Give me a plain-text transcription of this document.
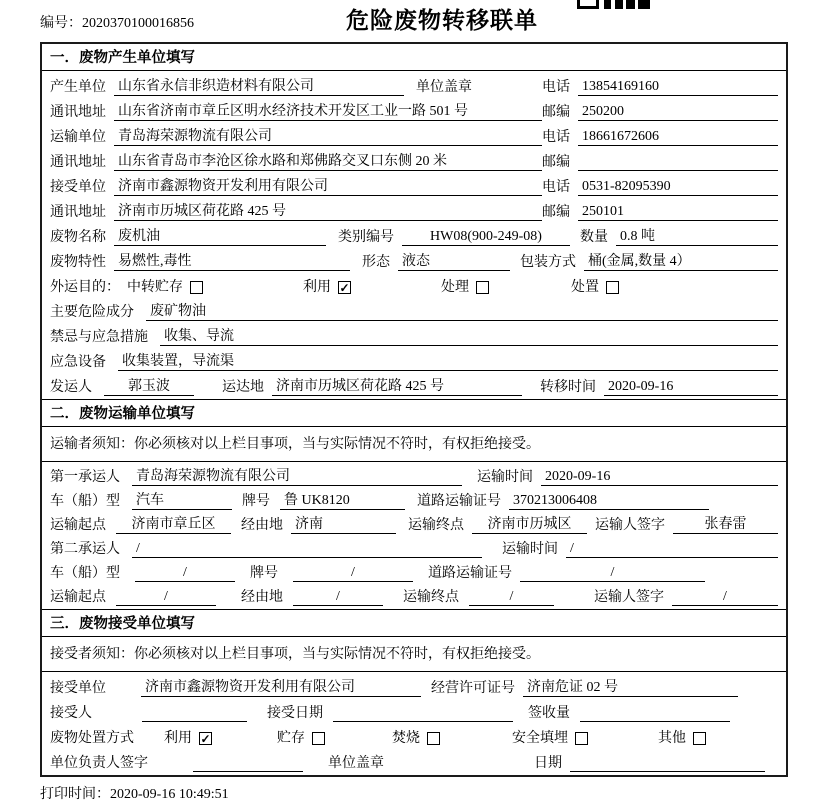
编号：2020370100016856	危险废物转移联单
一．废物产生单位填写
产生单位 山东省永信非织造材料有限公司	单位盖章	电话 13854169160
通讯地址 山东省济南市章丘区明水经济技术开发区工业一路 501 号	邮编 250200
运输单位 青岛海荣源物流有限公司	电话 18661672606
通讯地址 山东省青岛市李沧区徐水路和郑佛路交叉口东侧 20 米	邮编
接受单位 济南市鑫源物资开发利用有限公司	电话 0531-82095390
通讯地址 济南市历城区荷花路 425 号	邮编 250101
废物名称 废机油	类别编号	HW08(900-249-08)	数量 0.8 吨
废物特性 易燃性,毒性	形态 液态	包装方式 桶(金属,数量 4）
外运目的： 中转贮存	利用 ✓	处理	处置
主要危险成分 废矿物油
禁忌与应急措施 收集、导流
应急设备 收集装置，导流渠
发运人	郭玉波	运达地 济南市历城区荷花路 425 号	转移时间 2020-09-16
二．废物运输单位填写
运输者须知：你必须核对以上栏目事项，当与实际情况不符时，有权拒绝接受。
第一承运人 青岛海荣源物流有限公司	运输时间 2020-09-16
车（船）型 汽车	牌号 鲁 UK8120	道路运输证号 370213006408
运输起点	济南市章丘区	经由地 济南	运输终点	济南市历城区	运输人签字	张春雷
第二承运人 /	运输时间 /
车（船）型	/	牌号	/	道路运输证号	/
运输起点	/	经由地	/	运输终点	/	运输人签字	/
三．废物接受单位填写
接受者须知：你必须核对以上栏目事项，当与实际情况不符时，有权拒绝接受。
接受单位	济南市鑫源物资开发利用有限公司	经营许可证号 济南危证 02 号
接受人	接受日期	签收量
废物处置方式 利用 ✓	贮存	焚烧	安全填埋	其他
单位负责人签字	单位盖章	日期
打印时间：2020-09-16 10:49:51
